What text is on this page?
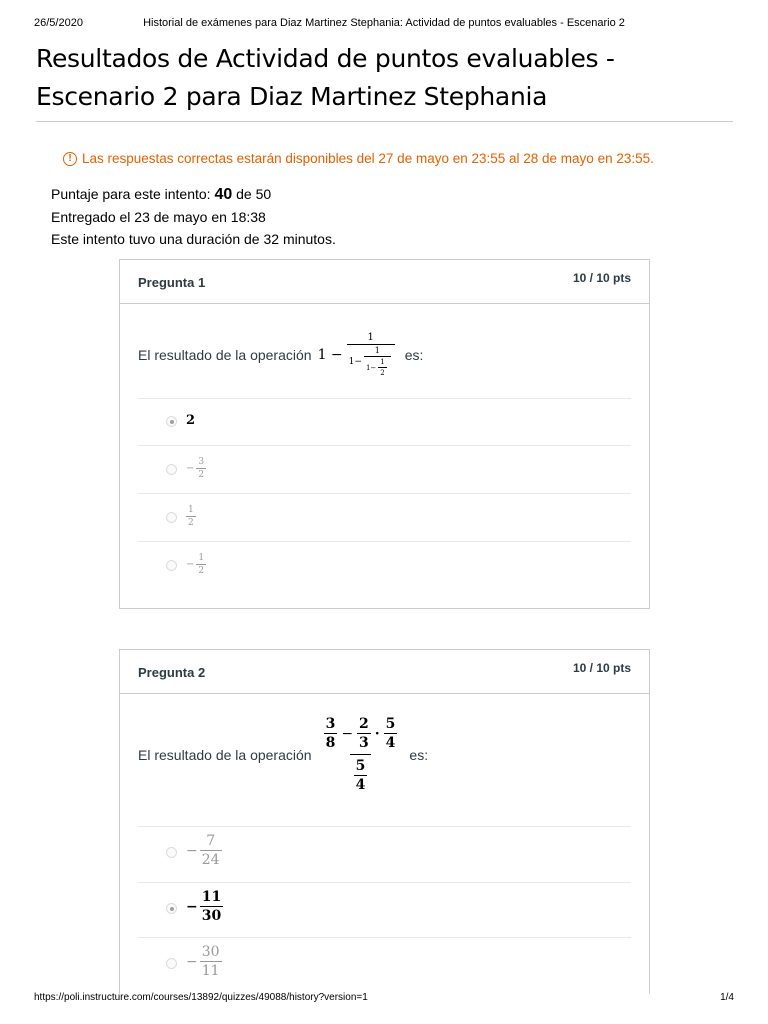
26/5/2020	Historial de exámenes para Diaz Martinez Stephania: Actividad de puntos evaluables - Escenario 2
Resultados de Actividad de puntos evaluables - Escenario 2 para Diaz Martinez Stephania
! Las respuestas correctas estarán disponibles del 27 de mayo en 23:55 al 28 de mayo en 23:55.
Puntaje para este intento: 40 de 50
Entregado el 23 de mayo en 18:38
Este intento tuvo una duración de 32 minutos.
Pregunta 1	10 / 10 pts
El resultado de la operación 1 −
1
$1- \frac{1}{1- \frac{1}{2}}$ es:
2
− $\frac{3}{2}$
$\frac{1}{2}$
− $\frac{1}{2}$
Pregunta 2	10 / 10 pts
El resultado de la operación
$\frac{3}{8} - \frac{2}{3} \cdot \frac{5}{4}$
$\frac{5}{4}$
es:
− $\frac{7}{24}$
− $\frac{11}{30}$
− $\frac{30}{11}$
https://poli.instructure.com/courses/13892/quizzes/49088/history?version=1	1/4
